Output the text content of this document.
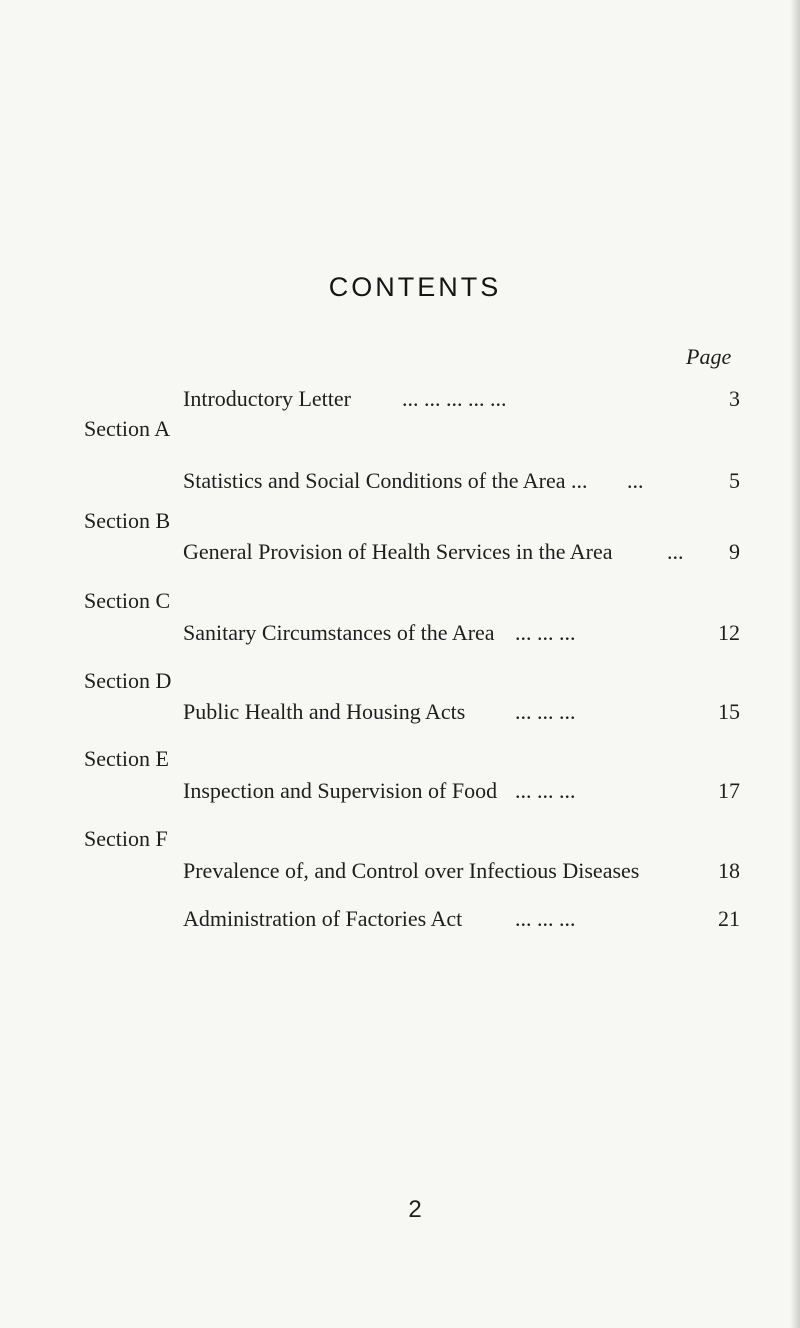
CONTENTS
Page
Introductory Letter ... ... ... ... ...	3
Section A
Statistics and Social Conditions of the Area ... ...	5
Section B
General Provision of Health Services in the Area ...	9
Section C
Sanitary Circumstances of the Area ... ... ...	12
Section D
Public Health and Housing Acts ... ... ...	15
Section E
Inspection and Supervision of Food ... ... ...	17
Section F
Prevalence of, and Control over Infectious Diseases	18
Administration of Factories Act ... ... ...	21
2
